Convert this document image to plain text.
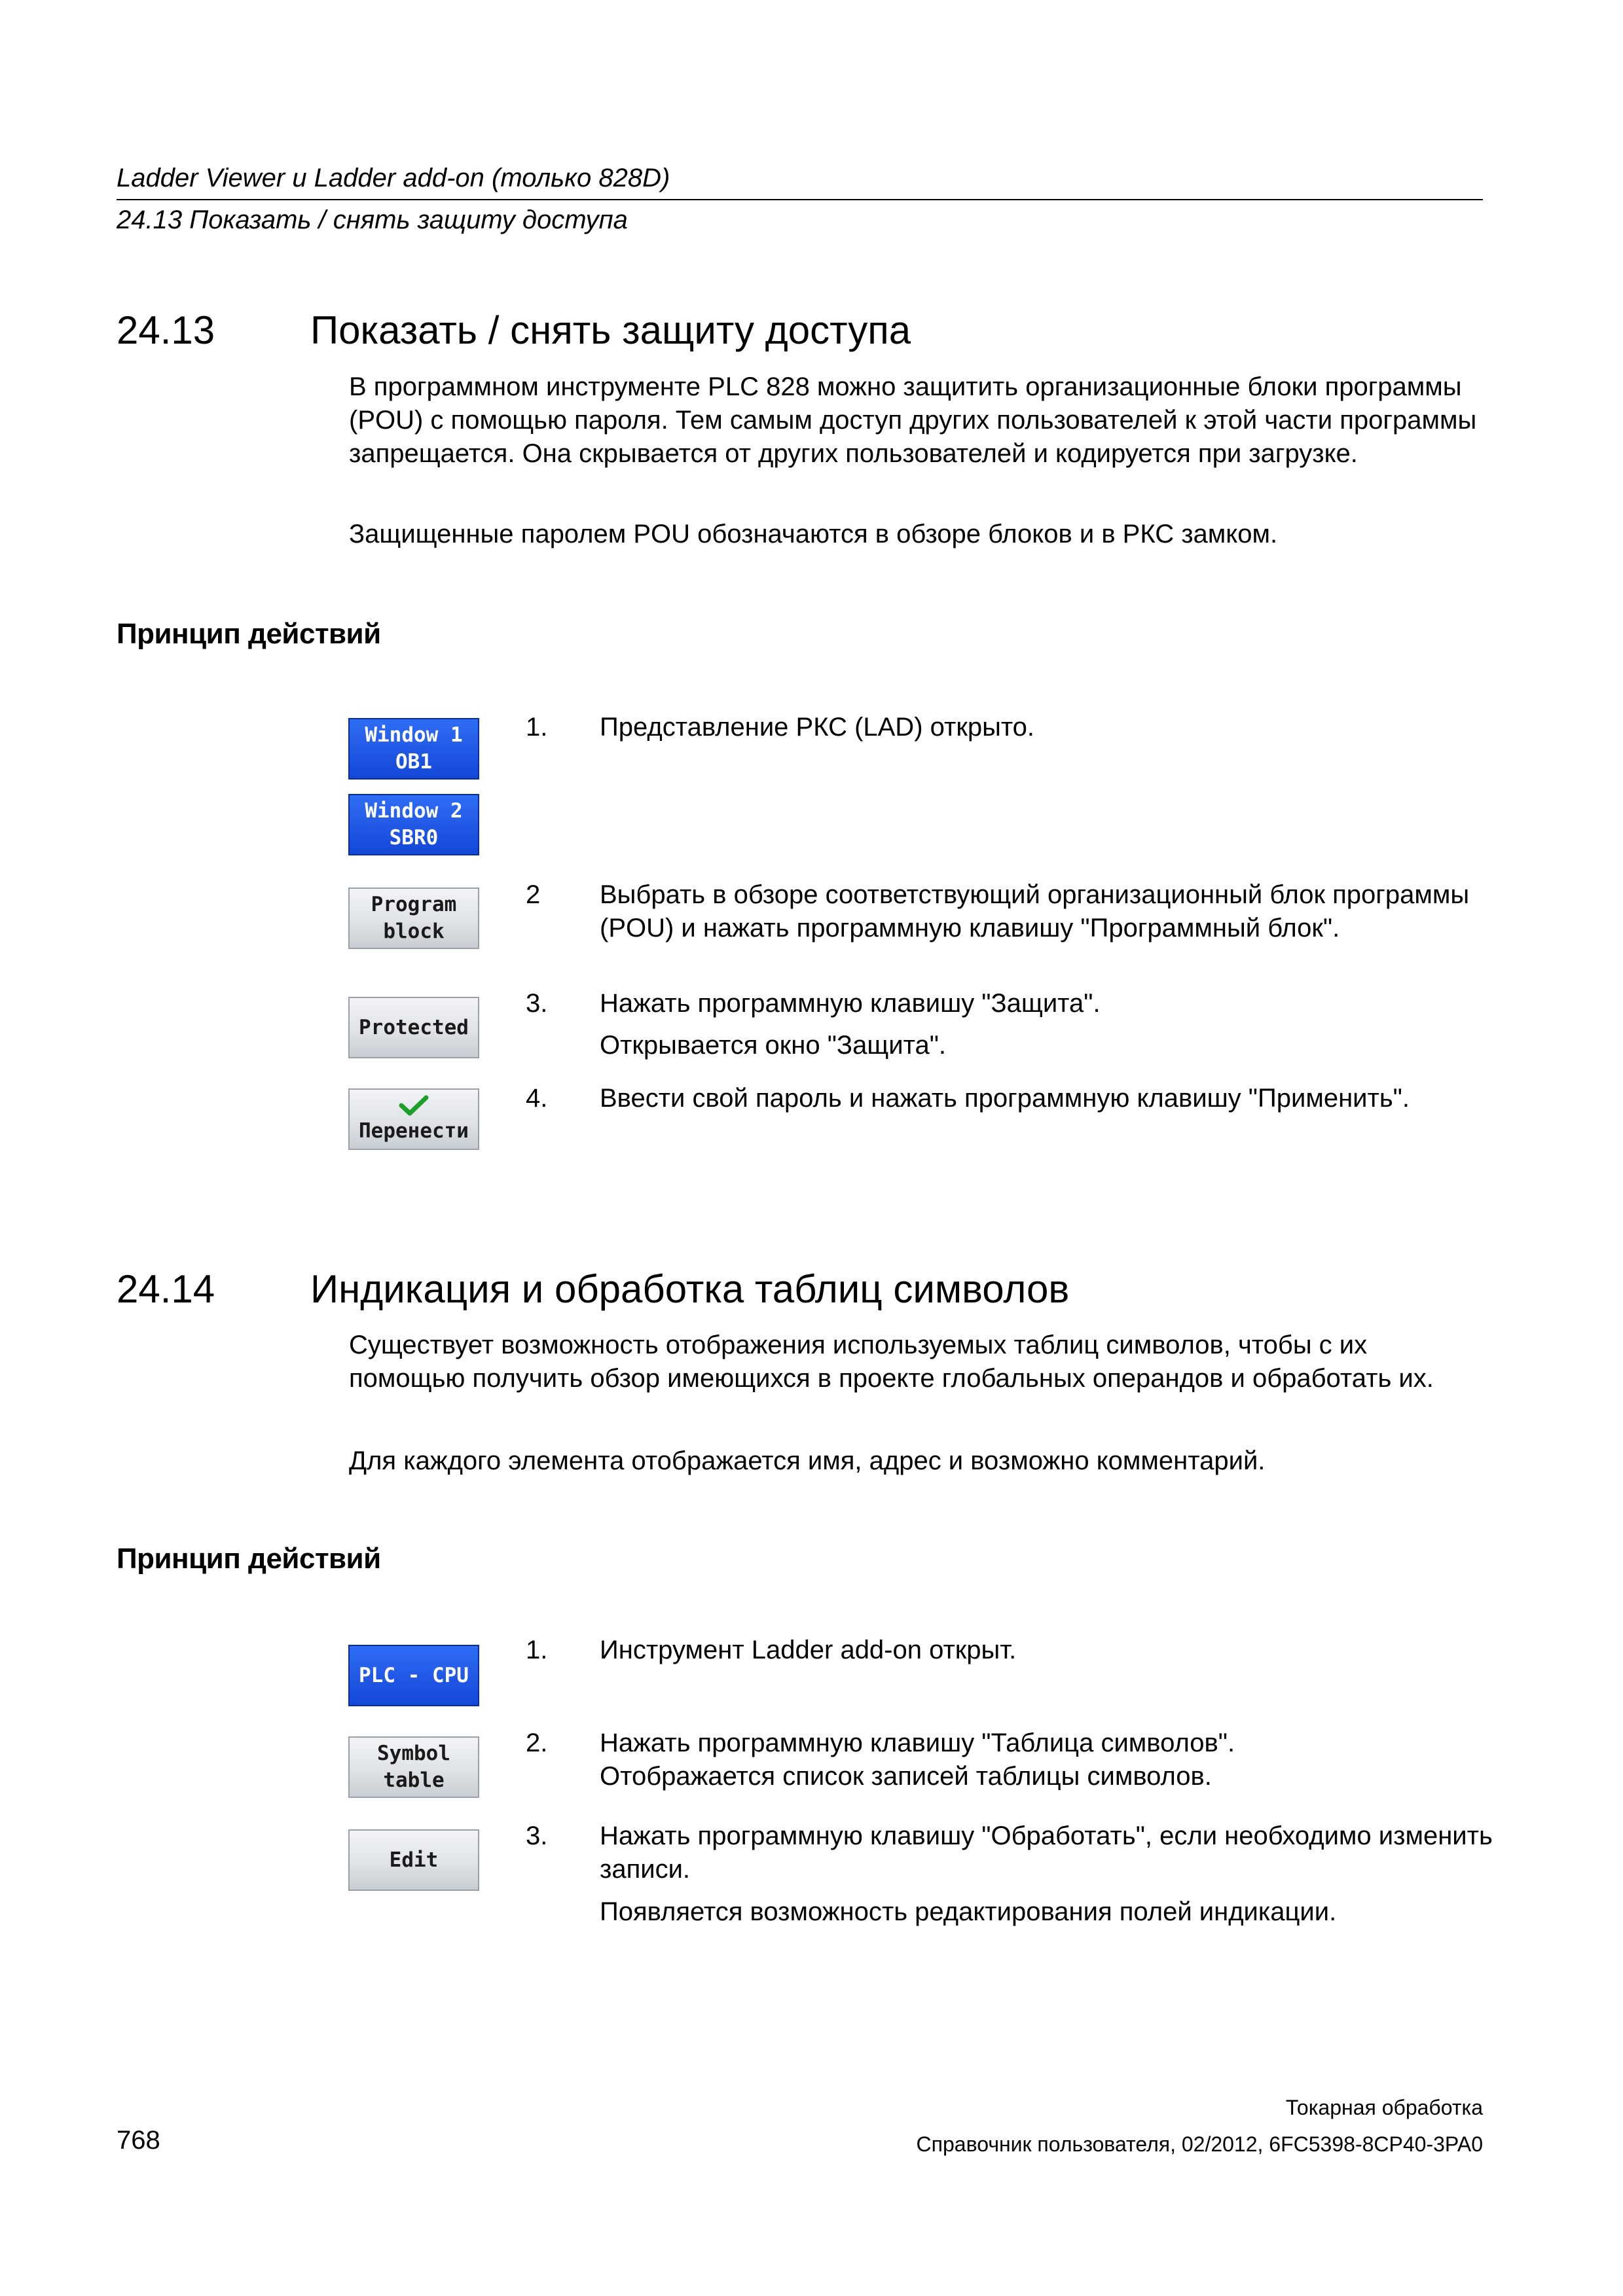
Ladder Viewer и Ladder add-on (только 828D)
24.13 Показать / снять защиту доступа
24.13 Показать / снять защиту доступа
В программном инструменте PLC 828 можно защитить организационные блоки программы (POU) с помощью пароля. Тем самым доступ других пользователей к этой части программы запрещается. Она скрывается от других пользователей и кодируется при загрузке.
Защищенные паролем POU обозначаются в обзоре блоков и в РКС замком.
Принцип действий
Window 1
OB1
Window 2
SBR0
Program
block
Protected
Перенести
1. Представление РКС (LAD) открыто.
2 Выбрать в обзоре соответствующий организационный блок программы (POU) и нажать программную клавишу "Программный блок".
3. Нажать программную клавишу "Защита".
Открывается окно "Защита".
4. Ввести свой пароль и нажать программную клавишу "Применить".
24.14 Индикация и обработка таблиц символов
Существует возможность отображения используемых таблиц символов, чтобы с их помощью получить обзор имеющихся в проекте глобальных операндов и обработать их.
Для каждого элемента отображается имя, адрес и возможно комментарий.
Принцип действий
PLC - CPU
Symbol
table
Edit
1. Инструмент Ladder add-on открыт.
2. Нажать программную клавишу "Таблица символов".
Отображается список записей таблицы символов.
3. Нажать программную клавишу "Обработать", если необходимо изменить записи.
Появляется возможность редактирования полей индикации.
Токарная обработка
768	Справочник пользователя, 02/2012, 6FC5398-8CP40-3PA0
